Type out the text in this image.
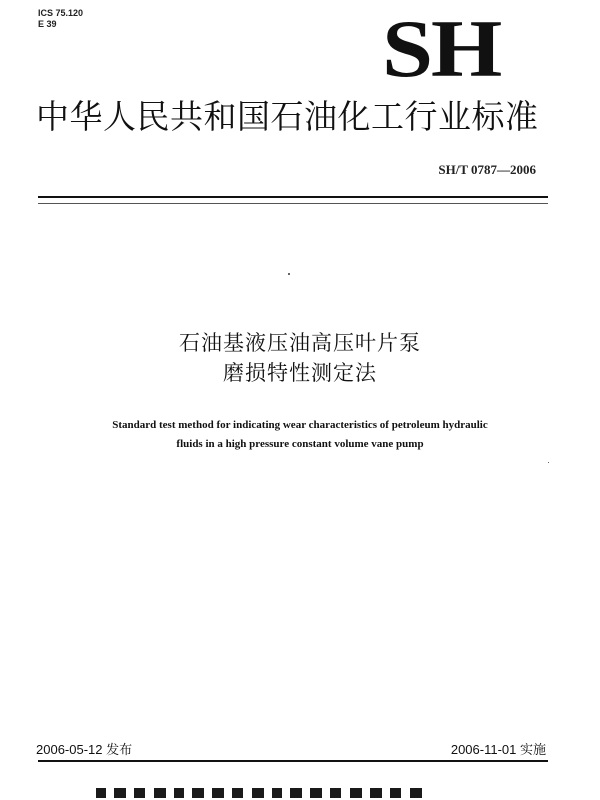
ICS 75.120
E 39	SH
中华人民共和国石油化工行业标准
SH/T 0787—2006
石油基液压油高压叶片泵
磨损特性测定法
Standard test method for indicating wear characteristics of petroleum hydraulic
fluids in a high pressure constant volume vane pump
2006-05-12 发布	2006-11-01 实施
